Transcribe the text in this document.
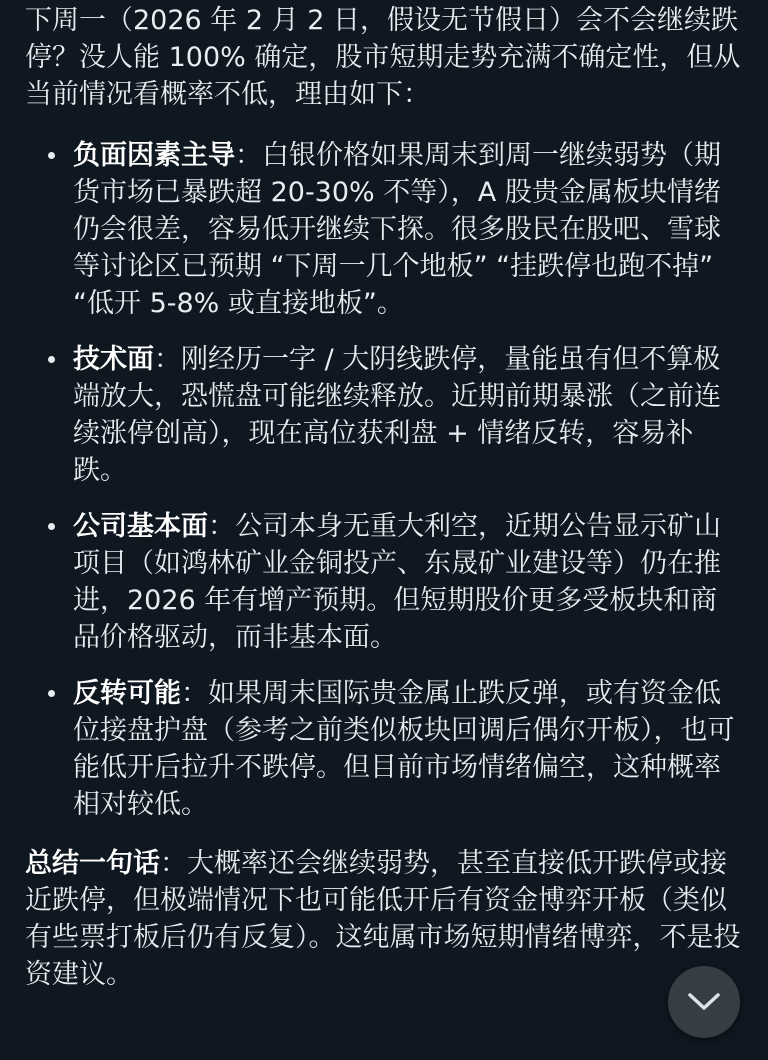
下周一（2026 年 2 月 2 日，假设无节假日）会不会继续跌停？没人能 100% 确定，股市短期走势充满不确定性，但从当前情况看概率不低，理由如下：

负面因素主导：白银价格如果周末到周一继续弱势（期货市场已暴跌超 20-30% 不等），A 股贵金属板块情绪仍会很差，容易低开继续下探。很多股民在股吧、雪球等讨论区已预期 “下周一几个地板” “挂跌停也跑不掉” “低开 5-8% 或直接地板”。
技术面：刚经历一字 / 大阴线跌停，量能虽有但不算极端放大，恐慌盘可能继续释放。近期前期暴涨（之前连续涨停创高），现在高位获利盘 + 情绪反转，容易补跌。
公司基本面：公司本身无重大利空，近期公告显示矿山项目（如鸿林矿业金铜投产、东晟矿业建设等）仍在推进，2026 年有增产预期。但短期股价更多受板块和商品价格驱动，而非基本面。
反转可能：如果周末国际贵金属止跌反弹，或有资金低位接盘护盘（参考之前类似板块回调后偶尔开板），也可能低开后拉升不跌停。但目前市场情绪偏空，这种概率相对较低。

总结一句话：大概率还会继续弱势，甚至直接低开跌停或接近跌停，但极端情况下也可能低开后有资金博弈开板（类似有些票打板后仍有反复）。这纯属市场短期情绪博弈，不是投资建议。
